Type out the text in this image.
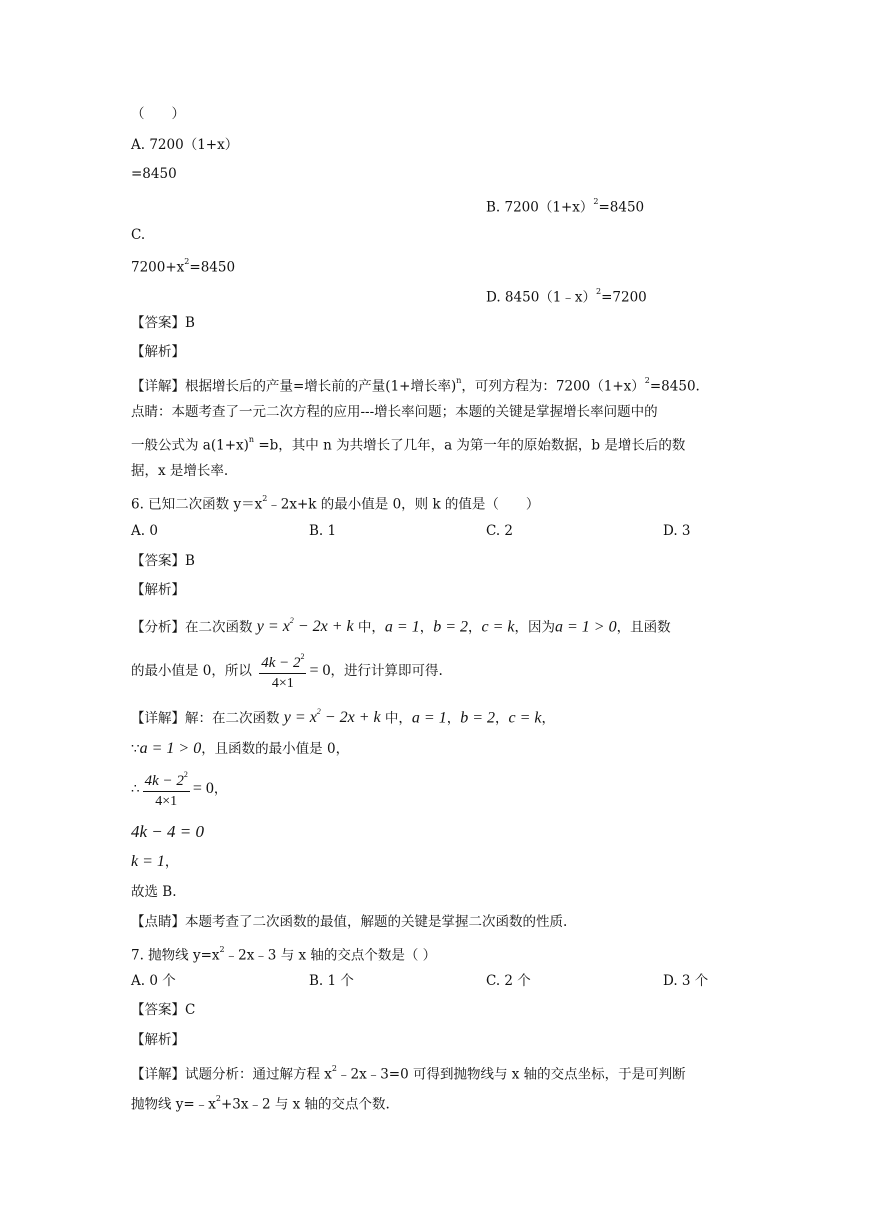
（　　）
A. 7200（1+x）
=8450
B. $7200(1+x)^2=8450$
C.
$7200+x^2=8450$
D. 8450（1﹣x）$^2$=7200
【答案】B
【解析】
【详解】根据增长后的产量=增长前的产量(1+增长率)$^n$，可列方程为：$7200(1+x)^2=8450$.
点睛：本题考查了一元二次方程的应用---增长率问题；本题的关键是掌握增长率问题中的
一般公式为 $a(1+x)^n =b$，其中 n 为共增长了几年，a 为第一年的原始数据，b 是增长后的数
据，x 是增长率.
6. 已知二次函数 $y=x^2﹣2x+k$ 的最小值是 0，则 k 的值是（　　）
A. 0	B. 1	C. 2	D. 3
【答案】B
【解析】
【分析】在二次函数 $y = x^2 - 2x + k$ 中，a = 1，b = 2，c = k，因为a = 1 > 0，且函数
的最小值是 0，所以 $\frac{4k - 2^2}{4\times 1} = 0$，进行计算即可得.
【详解】解：在二次函数 $y = x^2 - 2x + k$ 中，a = 1，b = 2，c = k，
∵a = 1 > 0，且函数的最小值是 0，
∴ $\frac{4k - 2^2}{4\times 1} = 0$，
4k − 4 = 0
k = 1，
故选 B.
【点睛】本题考查了二次函数的最值，解题的关键是掌握二次函数的性质.
7. 抛物线 $y=x^2﹣2x﹣3$ 与 x 轴的交点个数是（ ）
A. 0 个	B. 1 个	C. 2 个	D. 3 个
【答案】C
【解析】
【详解】试题分析：通过解方程 $x^2﹣2x﹣3=0$ 可得到抛物线与 x 轴的交点坐标，于是可判断
抛物线 $y=﹣x^2+3x﹣2$ 与 x 轴的交点个数.
